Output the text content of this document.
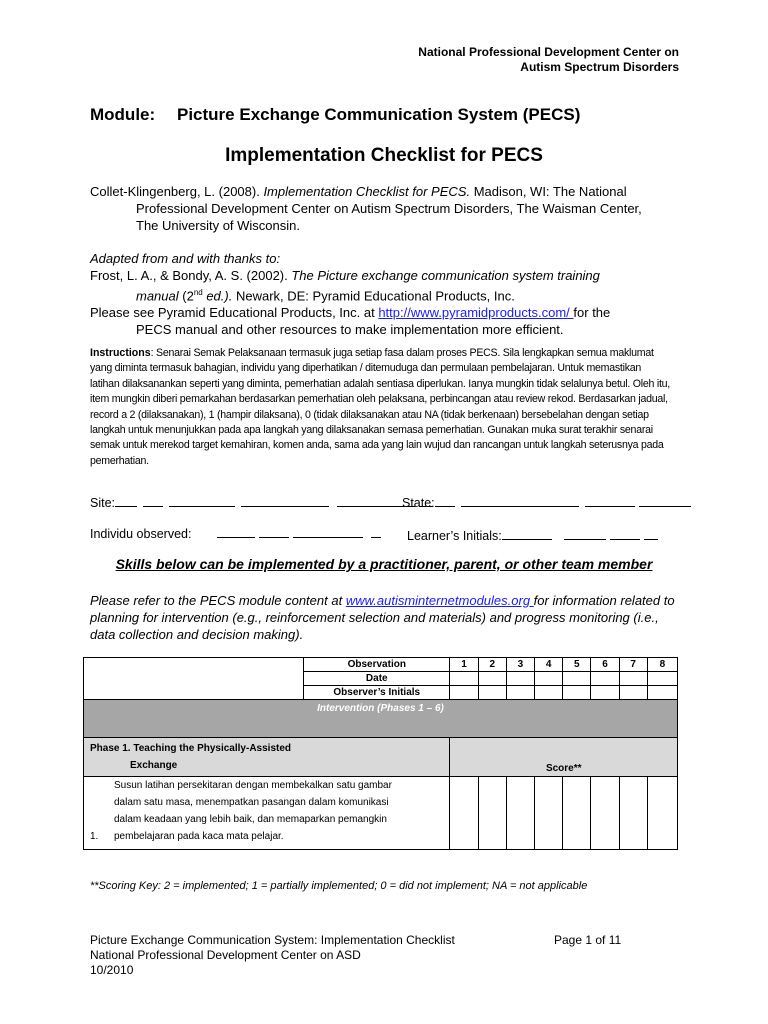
National Professional Development Center on
Autism Spectrum Disorders
Module: Picture Exchange Communication System (PECS)
Implementation Checklist for PECS
Collet-Klingenberg, L. (2008). Implementation Checklist for PECS. Madison, WI: The National
Professional Development Center on Autism Spectrum Disorders, The Waisman Center,
The University of Wisconsin.
Adapted from and with thanks to:
Frost, L. A., & Bondy, A. S. (2002). The Picture exchange communication system training
manual (2nd ed.). Newark, DE: Pyramid Educational Products, Inc.
Please see Pyramid Educational Products, Inc. at http://www.pyramidproducts.com/ for the
PECS manual and other resources to make implementation more efficient.
Instructions: Senarai Semak Pelaksanaan termasuk juga setiap fasa dalam proses PECS. Sila lengkapkan semua maklumat yang diminta termasuk bahagian, individu yang diperhatikan / ditemuduga dan permulaan pembelajaran. Untuk memastikan latihan dilaksanankan seperti yang diminta, pemerhatian adalah sentiasa diperlukan. Ianya mungkin tidak selalunya betul. Oleh itu, item mungkin diberi pemarkahan berdasarkan pemerhatian oleh pelaksana, perbincangan atau review rekod. Berdasarkan jadual, record a 2 (dilaksanakan), 1 (hampir dilaksana), 0 (tidak dilaksanakan atau NA (tidak berkenaan) bersebelahan dengan setiap langkah untuk menunjukkan pada apa langkah yang dilaksanakan semasa pemerhatian. Gunakan muka surat terakhir senarai semak untuk merekod target kemahiran, komen anda, sama ada yang lain wujud dan rancangan untuk langkah seterusnya pada pemerhatian.
Site:	State:
Individu observed:	Learner’s Initials:
Skills below can be implemented by a practitioner, parent, or other team member
Please refer to the PECS module content at www.autisminternetmodules.org for information related to planning for intervention (e.g., reinforcement selection and materials) and progress monitoring (i.e., data collection and decision making).
	Observation	1	2	3	4	5	6	7	8
	Date								
	Observer’s Initials								
Intervention (Phases 1 – 6)									

Phase 1. Teaching the Physically-Assisted
Exchange		Score**							
1.Susun latihan persekitaran dengan membekalkan satu gambar dalam satu masa, menempatkan pasangan dalam komunikasi dalam keadaan yang lebih baik, dan memaparkan pemangkin pembelajaran pada kaca mata pelajar.									
**Scoring Key: 2 = implemented; 1 = partially implemented; 0 = did not implement; NA = not applicable
Picture Exchange Communication System: Implementation Checklist
National Professional Development Center on ASD
10/2010
Page 1 of 11
